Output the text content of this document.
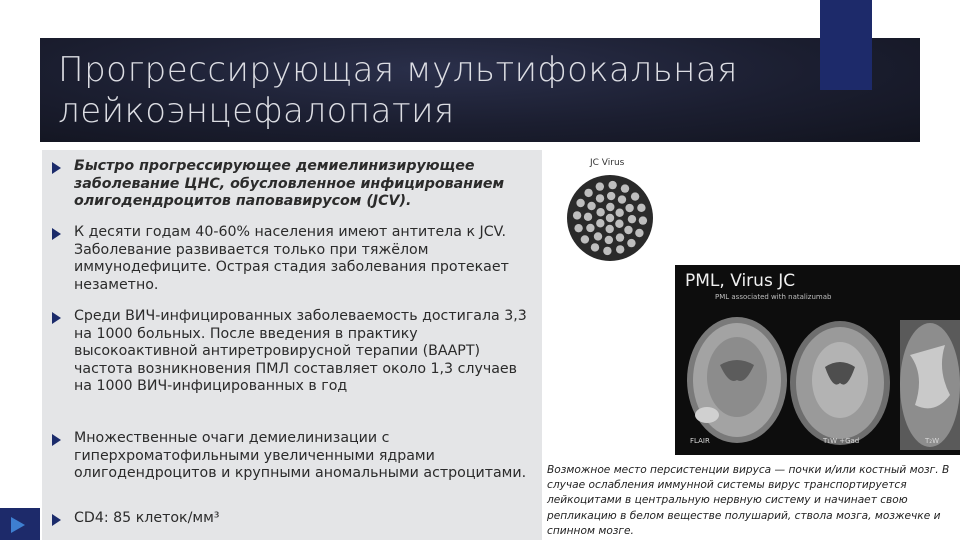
Прогрессирующая мультифокальная лейкоэнцефалопатия
Быстро прогрессирующее демиелинизирующее заболевание ЦНС, обусловленное инфицированием олигодендроцитов паповавирусом (JCV).
К десяти годам 40-60% населения имеют антитела к JCV. Заболевание развивается только при тяжёлом иммунодефиците. Острая стадия заболевания протекает незаметно.
Среди ВИЧ-инфицированных заболеваемость достигала 3,3 на 1000 больных. После введения в практику высокоактивной антиретровирусной терапии (ВААРТ) частота возникновения ПМЛ составляет около 1,3 случаев на 1000 ВИЧ-инфицированных в год
Множественные очаги демиелинизации с гиперхроматофильными увеличенными ядрами олигодендроцитов и крупными аномальными астроцитами.
CD4: 85 клеток/мм³
JC Virus
PML, Virus JC
PML associated with natalizumab
FLAIR	T₁W +Gad	T₂W
Возможное место персистенции вируса — почки и/или костный мозг. В случае ослабления иммунной системы вирус транспортируется лейкоцитами в центральную нервную систему и начинает свою репликацию в белом веществе полушарий, ствола мозга, мозжечке и спинном мозге.
